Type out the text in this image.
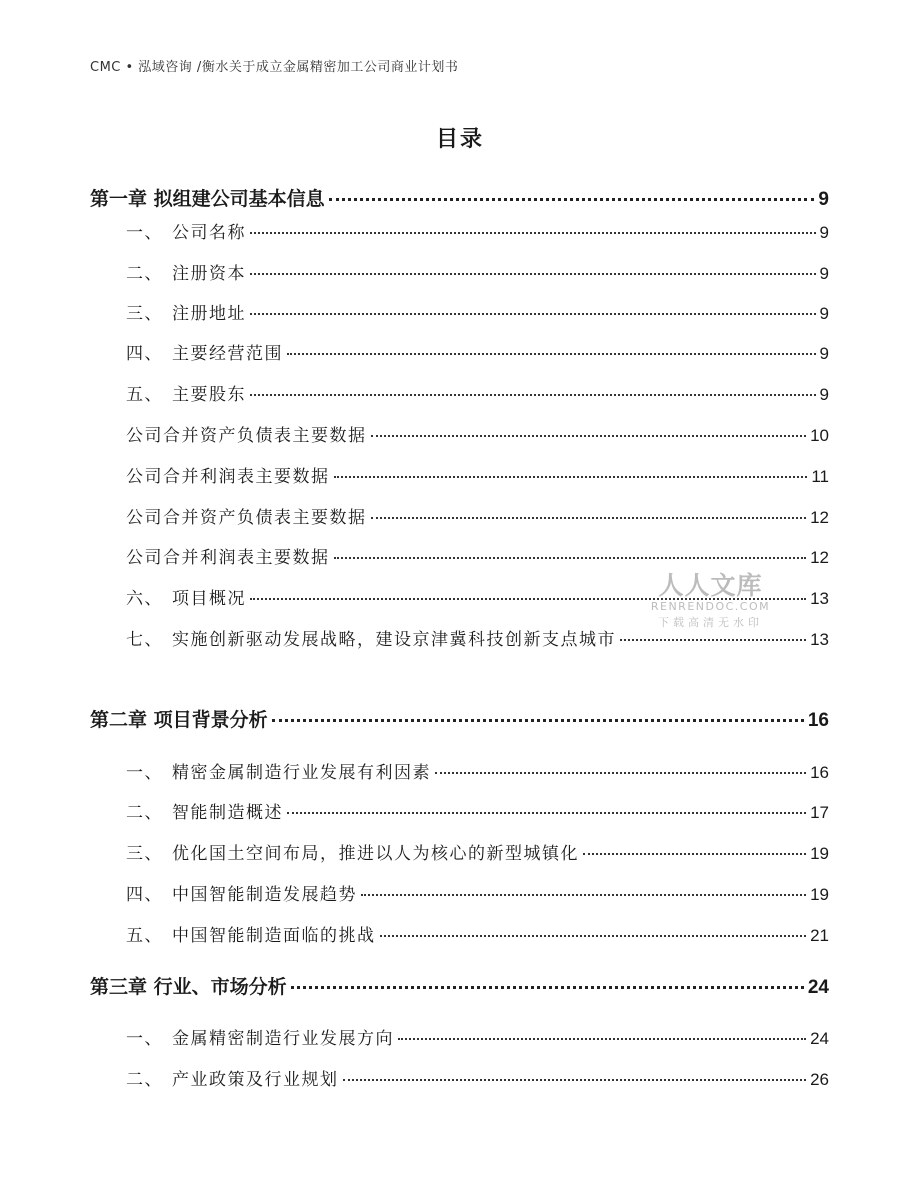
CMC • 泓域咨询 /衡水关于成立金属精密加工公司商业计划书
目录
第一章 拟组建公司基本信息	9
一、 公司名称	9
二、 注册资本	9
三、 注册地址	9
四、 主要经营范围	9
五、 主要股东	9
公司合并资产负债表主要数据	10
公司合并利润表主要数据	11
公司合并资产负债表主要数据	12
公司合并利润表主要数据	12
六、 项目概况	13
七、 实施创新驱动发展战略，建设京津冀科技创新支点城市	13
第二章 项目背景分析	16
一、 精密金属制造行业发展有利因素	16
二、 智能制造概述	17
三、 优化国土空间布局，推进以人为核心的新型城镇化	19
四、 中国智能制造发展趋势	19
五、 中国智能制造面临的挑战	21
第三章 行业、市场分析	24
一、 金属精密制造行业发展方向	24
二、 产业政策及行业规划	26
人人文库
RENRENDOC.COM
下载高清无水印
